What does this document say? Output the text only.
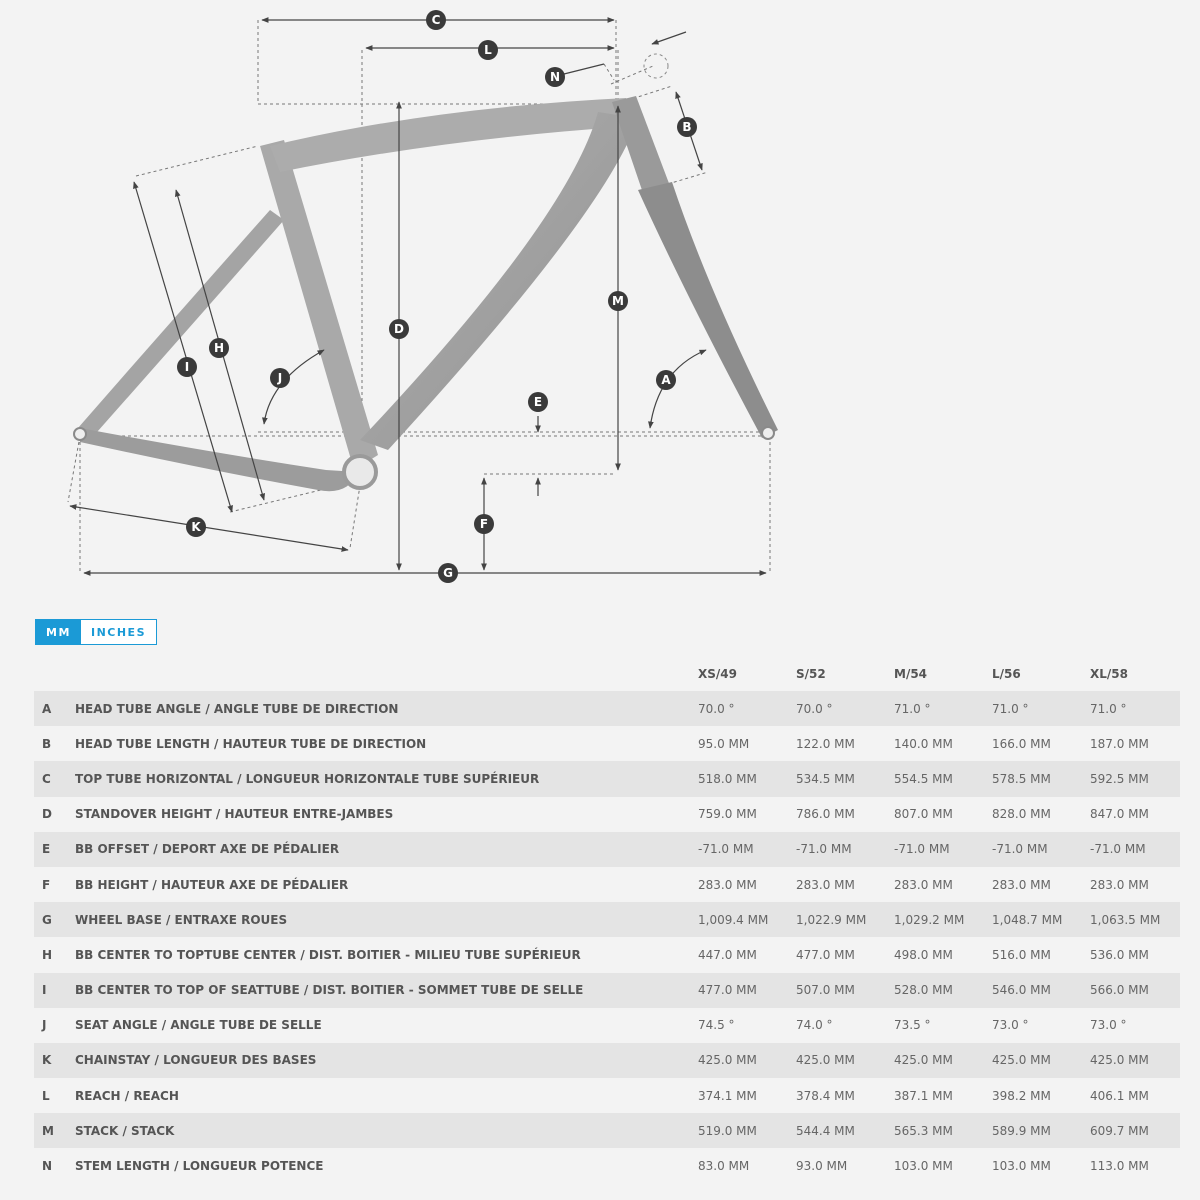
C
L
N
B
M
D
H
I
J	A
E
K	F
G
MM	INCHES
XS/49	S/52	M/54	L/56	XL/58
A HEAD TUBE ANGLE / ANGLE TUBE DE DIRECTION	70.0 °	70.0 °	71.0 °	71.0 °	71.0 °
B HEAD TUBE LENGTH / HAUTEUR TUBE DE DIRECTION	95.0 MM	122.0 MM	140.0 MM	166.0 MM	187.0 MM
C TOP TUBE HORIZONTAL / LONGUEUR HORIZONTALE TUBE SUPÉRIEUR	518.0 MM	534.5 MM	554.5 MM	578.5 MM	592.5 MM
D STANDOVER HEIGHT / HAUTEUR ENTRE-JAMBES	759.0 MM	786.0 MM	807.0 MM	828.0 MM	847.0 MM
E BB OFFSET / DEPORT AXE DE PÉDALIER	-71.0 MM	-71.0 MM	-71.0 MM	-71.0 MM	-71.0 MM
F BB HEIGHT / HAUTEUR AXE DE PÉDALIER	283.0 MM	283.0 MM	283.0 MM	283.0 MM	283.0 MM
G WHEEL BASE / ENTRAXE ROUES	1,009.4 MM 1,022.9 MM 1,029.2 MM 1,048.7 MM 1,063.5 MM
H BB CENTER TO TOPTUBE CENTER / DIST. BOITIER - MILIEU TUBE SUPÉRIEUR	447.0 MM	477.0 MM	498.0 MM	516.0 MM	536.0 MM
I BB CENTER TO TOP OF SEATTUBE / DIST. BOITIER - SOMMET TUBE DE SELLE	477.0 MM	507.0 MM	528.0 MM	546.0 MM	566.0 MM
J SEAT ANGLE / ANGLE TUBE DE SELLE	74.5 °	74.0 °	73.5 °	73.0 °	73.0 °
K CHAINSTAY / LONGUEUR DES BASES	425.0 MM	425.0 MM	425.0 MM	425.0 MM	425.0 MM
L REACH / REACH	374.1 MM	378.4 MM	387.1 MM	398.2 MM	406.1 MM
M STACK / STACK	519.0 MM	544.4 MM	565.3 MM	589.9 MM	609.7 MM
N STEM LENGTH / LONGUEUR POTENCE	83.0 MM	93.0 MM	103.0 MM	103.0 MM	113.0 MM
